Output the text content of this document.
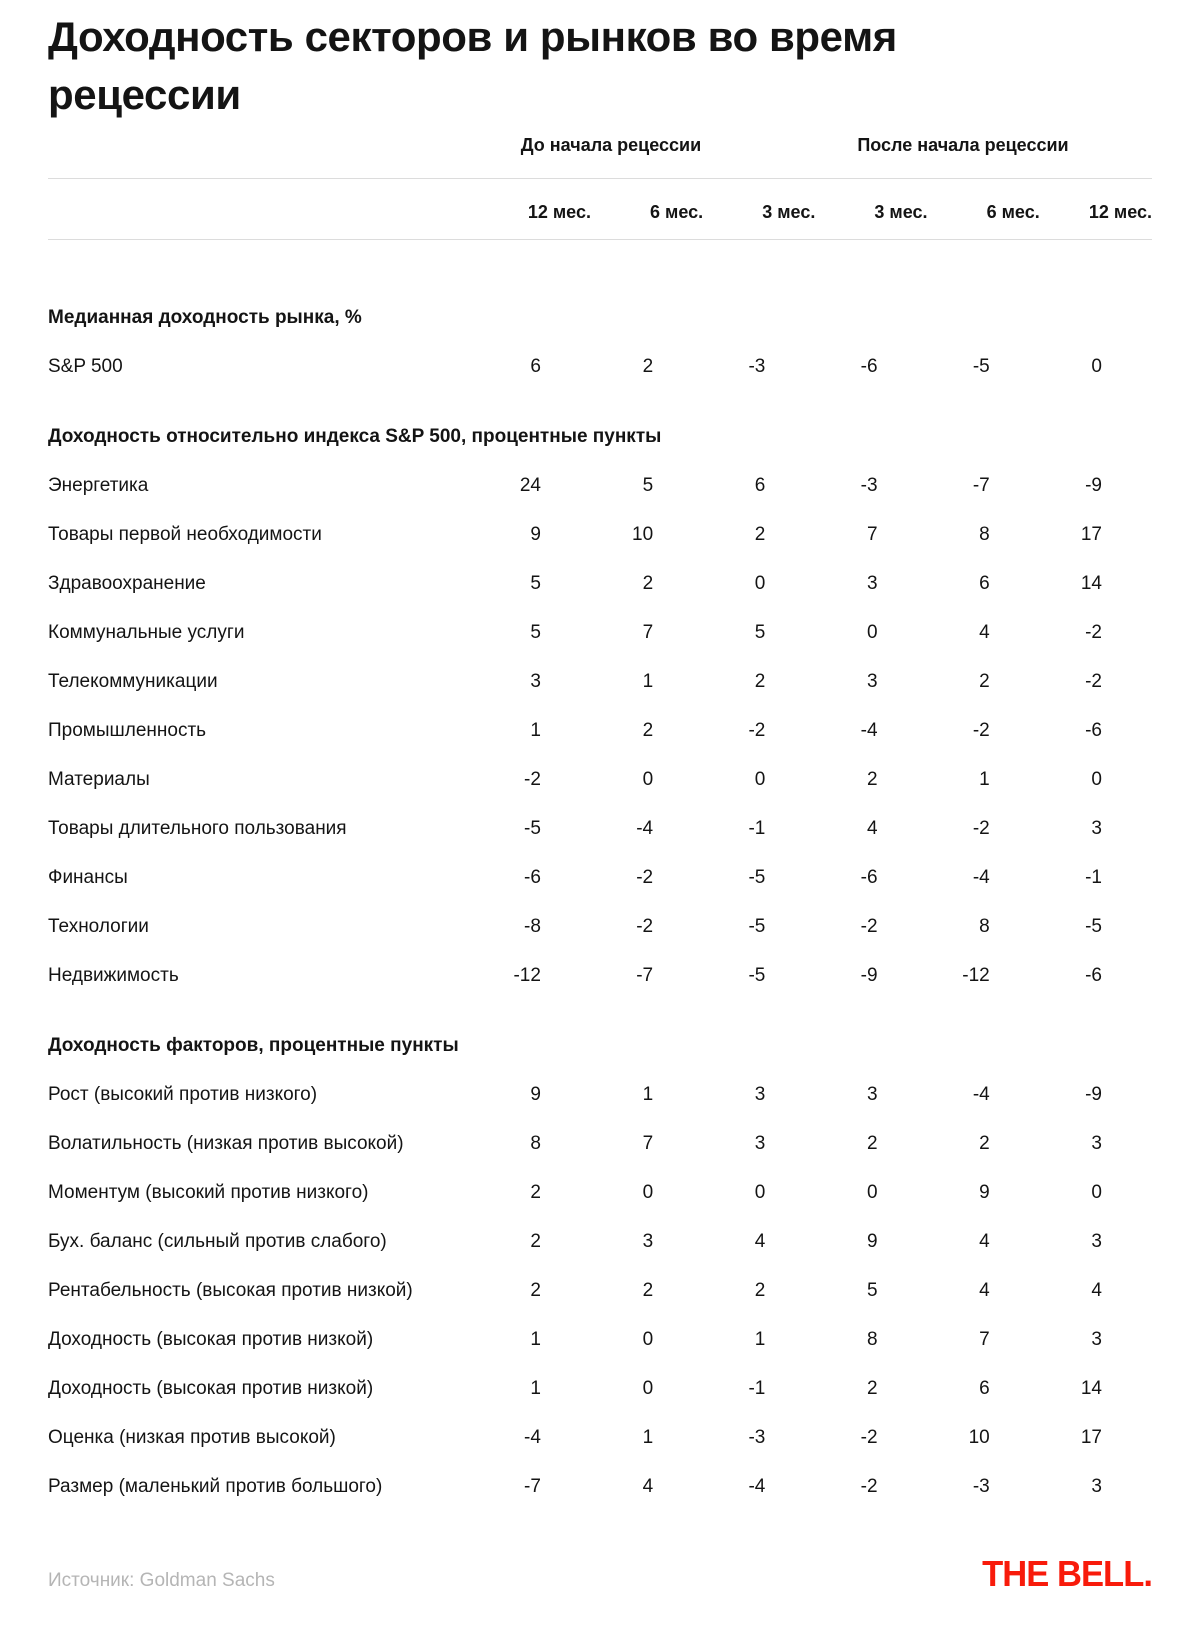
Доходность секторов и рынков во время рецессии
	До начала рецессии			После начала рецессии		
	12 мес.	6 мес.	3 мес.	3 мес.	6 мес.	12 мес.
Медианная доходность рынка, %						
S&P 500	6	2	-3	-6	-5	0
Доходность относительно индекса S&P 500, процентные пункты						
Энергетика	24	5	6	-3	-7	-9
Товары первой необходимости	9	10	2	7	8	17
Здравоохранение	5	2	0	3	6	14
Коммунальные услуги	5	7	5	0	4	-2
Телекоммуникации	3	1	2	3	2	-2
Промышленность	1	2	-2	-4	-2	-6
Материалы	-2	0	0	2	1	0
Товары длительного пользования	-5	-4	-1	4	-2	3
Финансы	-6	-2	-5	-6	-4	-1
Технологии	-8	-2	-5	-2	8	-5
Недвижимость	-12	-7	-5	-9	-12	-6
Доходность факторов, процентные пункты						
Рост (высокий против низкого)	9	1	3	3	-4	-9
Волатильность (низкая против высокой)	8	7	3	2	2	3
Моментум (высокий против низкого)	2	0	0	0	9	0
Бух. баланс (сильный против слабого)	2	3	4	9	4	3
Рентабельность (высокая против низкой)	2	2	2	5	4	4
Доходность (высокая против низкой)	1	0	1	8	7	3
Доходность (высокая против низкой)	1	0	-1	2	6	14
Оценка (низкая против высокой)	-4	1	-3	-2	10	17
Размер (маленький против большого)	-7	4	-4	-2	-3	3
Источник: Goldman Sachs	THE BELL.
